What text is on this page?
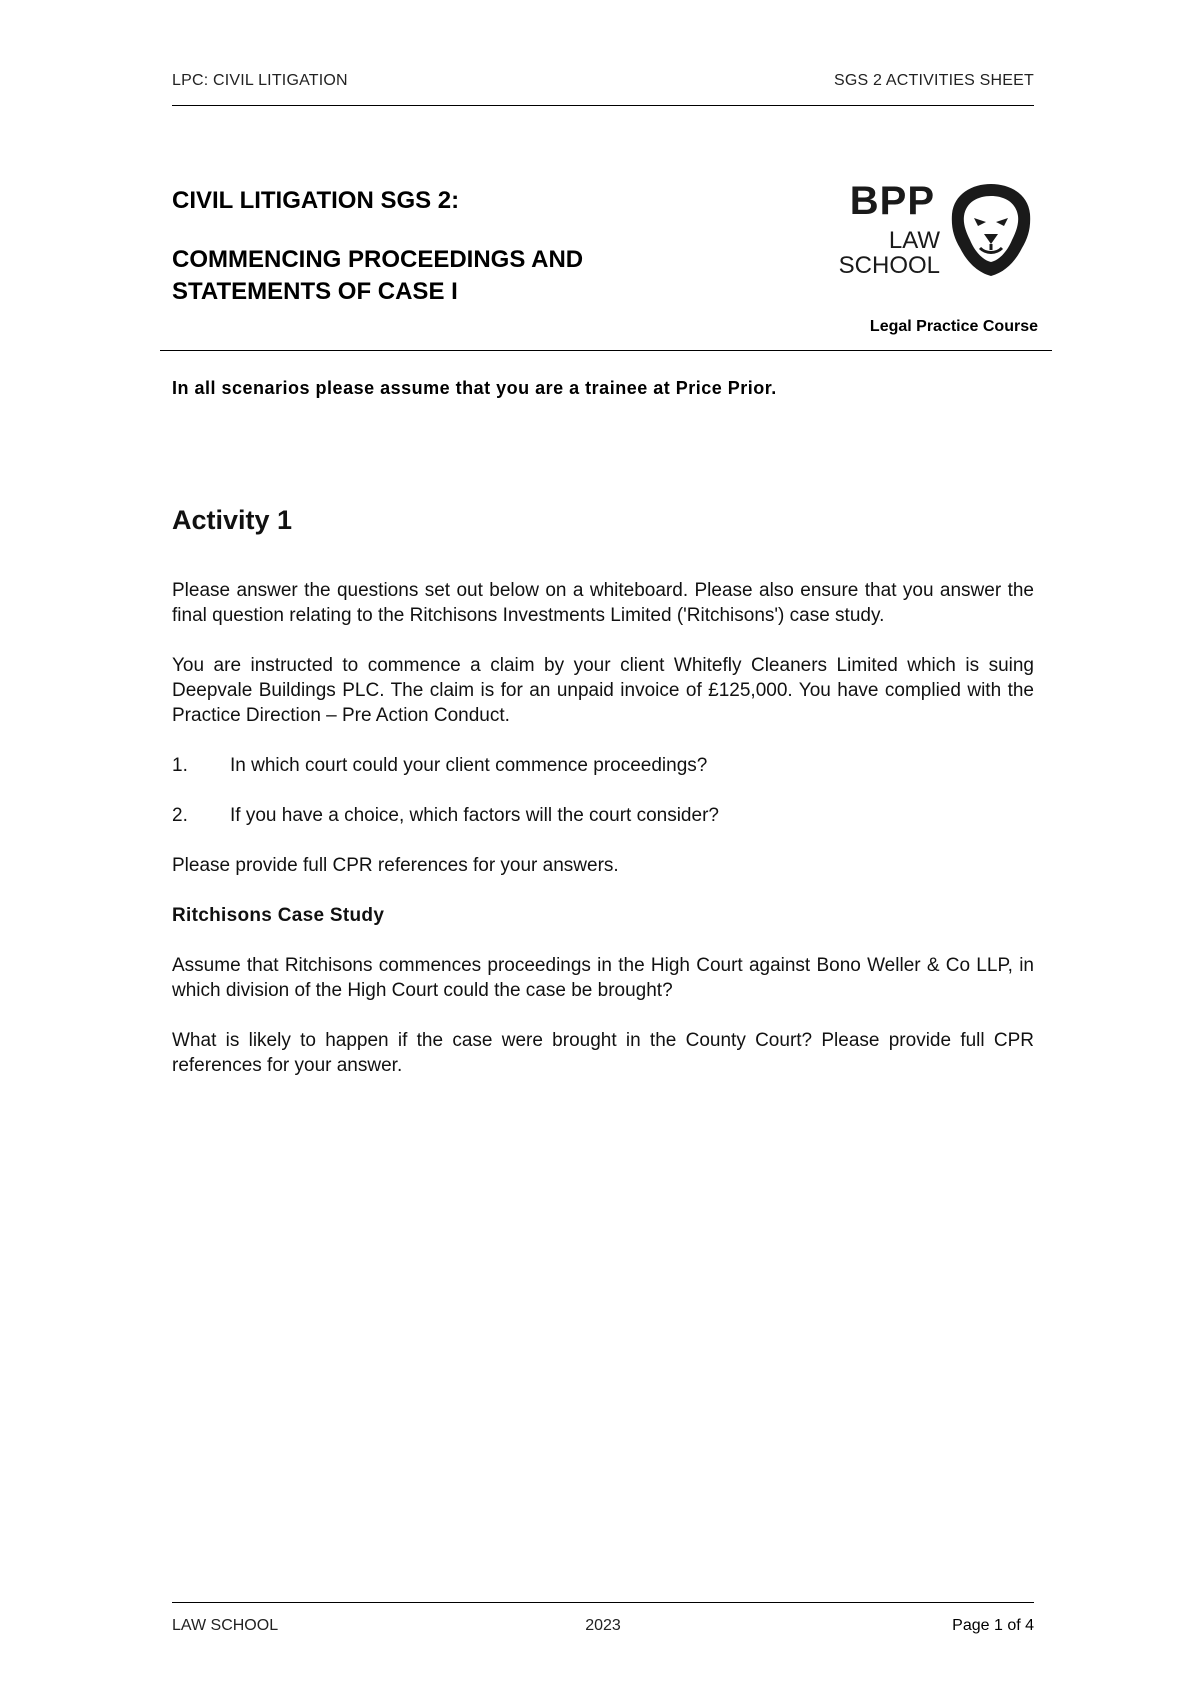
LPC: CIVIL LITIGATION	SGS 2 ACTIVITIES SHEET

CIVIL LITIGATION SGS 2:

COMMENCING PROCEEDINGS AND STATEMENTS OF CASE I

BPP
LAW
SCHOOL
Legal Practice Course
In all scenarios please assume that you are a trainee at Price Prior.
Activity 1

Please answer the questions set out below on a whiteboard. Please also ensure that you answer the final question relating to the Ritchisons Investments Limited ('Ritchisons') case study.

You are instructed to commence a claim by your client Whitefly Cleaners Limited which is suing Deepvale Buildings PLC. The claim is for an unpaid invoice of £125,000. You have complied with the Practice Direction – Pre Action Conduct.

1.	In which court could your client commence proceedings?
2.	If you have a choice, which factors will the court consider?

Please provide full CPR references for your answers.

Ritchisons Case Study

Assume that Ritchisons commences proceedings in the High Court against Bono Weller & Co LLP, in which division of the High Court could the case be brought?

What is likely to happen if the case were brought in the County Court? Please provide full CPR references for your answer.

LAW SCHOOL	2023	Page 1 of 4
